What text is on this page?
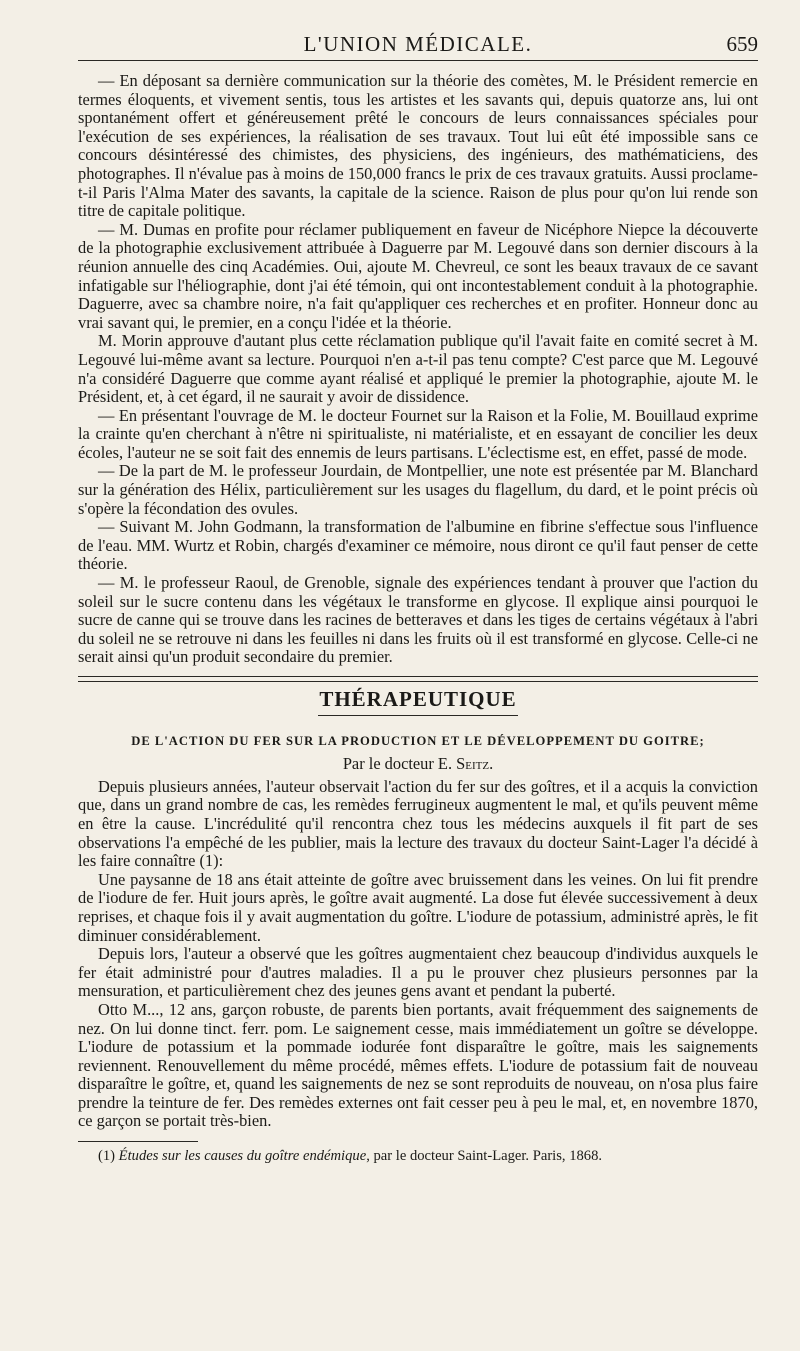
L'UNION MÉDICALE.	659

— En déposant sa dernière communication sur la théorie des comètes, M. le Président remercie en termes éloquents, et vivement sentis, tous les artistes et les savants qui, depuis quatorze ans, lui ont spontanément offert et généreusement prêté le concours de leurs connaissances spéciales pour l'exécution de ses expériences, la réalisation de ses travaux. Tout lui eût été impossible sans ce concours désintéressé des chimistes, des physiciens, des ingénieurs, des mathématiciens, des photographes. Il n'évalue pas à moins de 150,000 francs le prix de ces travaux gratuits. Aussi proclame-t-il Paris l'Alma Mater des savants, la capitale de la science. Raison de plus pour qu'on lui rende son titre de capitale politique.

— M. Dumas en profite pour réclamer publiquement en faveur de Nicéphore Niepce la découverte de la photographie exclusivement attribuée à Daguerre par M. Legouvé dans son dernier discours à la réunion annuelle des cinq Académies. Oui, ajoute M. Chevreul, ce sont les beaux travaux de ce savant infatigable sur l'héliographie, dont j'ai été témoin, qui ont incontestablement conduit à la photographie. Daguerre, avec sa chambre noire, n'a fait qu'appliquer ces recherches et en profiter. Honneur donc au vrai savant qui, le premier, en a conçu l'idée et la théorie.

M. Morin approuve d'autant plus cette réclamation publique qu'il l'avait faite en comité secret à M. Legouvé lui-même avant sa lecture. Pourquoi n'en a-t-il pas tenu compte? C'est parce que M. Legouvé n'a considéré Daguerre que comme ayant réalisé et appliqué le premier la photographie, ajoute M. le Président, et, à cet égard, il ne saurait y avoir de dissidence.

— En présentant l'ouvrage de M. le docteur Fournet sur la Raison et la Folie, M. Bouillaud exprime la crainte qu'en cherchant à n'être ni spiritualiste, ni matérialiste, et en essayant de concilier les deux écoles, l'auteur ne se soit fait des ennemis de leurs partisans. L'éclectisme est, en effet, passé de mode.

— De la part de M. le professeur Jourdain, de Montpellier, une note est présentée par M. Blanchard sur la génération des Hélix, particulièrement sur les usages du flagellum, du dard, et le point précis où s'opère la fécondation des ovules.

— Suivant M. John Godmann, la transformation de l'albumine en fibrine s'effectue sous l'influence de l'eau. MM. Wurtz et Robin, chargés d'examiner ce mémoire, nous diront ce qu'il faut penser de cette théorie.

— M. le professeur Raoul, de Grenoble, signale des expériences tendant à prouver que l'action du soleil sur le sucre contenu dans les végétaux le transforme en glycose. Il explique ainsi pourquoi le sucre de canne qui se trouve dans les racines de betteraves et dans les tiges de certains végétaux à l'abri du soleil ne se retrouve ni dans les feuilles ni dans les fruits où il est transformé en glycose. Celle-ci ne serait ainsi qu'un produit secondaire du premier.

THÉRAPEUTIQUE
DE L'ACTION DU FER SUR LA PRODUCTION ET LE DÉVELOPPEMENT DU GOITRE;
Par le docteur E. Seitz.

Depuis plusieurs années, l'auteur observait l'action du fer sur des goîtres, et il a acquis la conviction que, dans un grand nombre de cas, les remèdes ferrugineux augmentent le mal, et qu'ils peuvent même en être la cause. L'incrédulité qu'il rencontra chez tous les médecins auxquels il fit part de ses observations l'a empêché de les publier, mais la lecture des travaux du docteur Saint-Lager l'a décidé à les faire connaître (1):

Une paysanne de 18 ans était atteinte de goître avec bruissement dans les veines. On lui fit prendre de l'iodure de fer. Huit jours après, le goître avait augmenté. La dose fut élevée successivement à deux reprises, et chaque fois il y avait augmentation du goître. L'iodure de potassium, administré après, le fit diminuer considérablement.

Depuis lors, l'auteur a observé que les goîtres augmentaient chez beaucoup d'individus auxquels le fer était administré pour d'autres maladies. Il a pu le prouver chez plusieurs personnes par la mensuration, et particulièrement chez des jeunes gens avant et pendant la puberté.

Otto M..., 12 ans, garçon robuste, de parents bien portants, avait fréquemment des saignements de nez. On lui donne tinct. ferr. pom. Le saignement cesse, mais immédiatement un goître se développe. L'iodure de potassium et la pommade iodurée font disparaître le goître, mais les saignements reviennent. Renouvellement du même procédé, mêmes effets. L'iodure de potassium fait de nouveau disparaître le goître, et, quand les saignements de nez se sont reproduits de nouveau, on n'osa plus faire prendre la teinture de fer. Des remèdes externes ont fait cesser peu à peu le mal, et, en novembre 1870, ce garçon se portait très-bien.

(1) Études sur les causes du goître endémique, par le docteur Saint-Lager. Paris, 1868.
